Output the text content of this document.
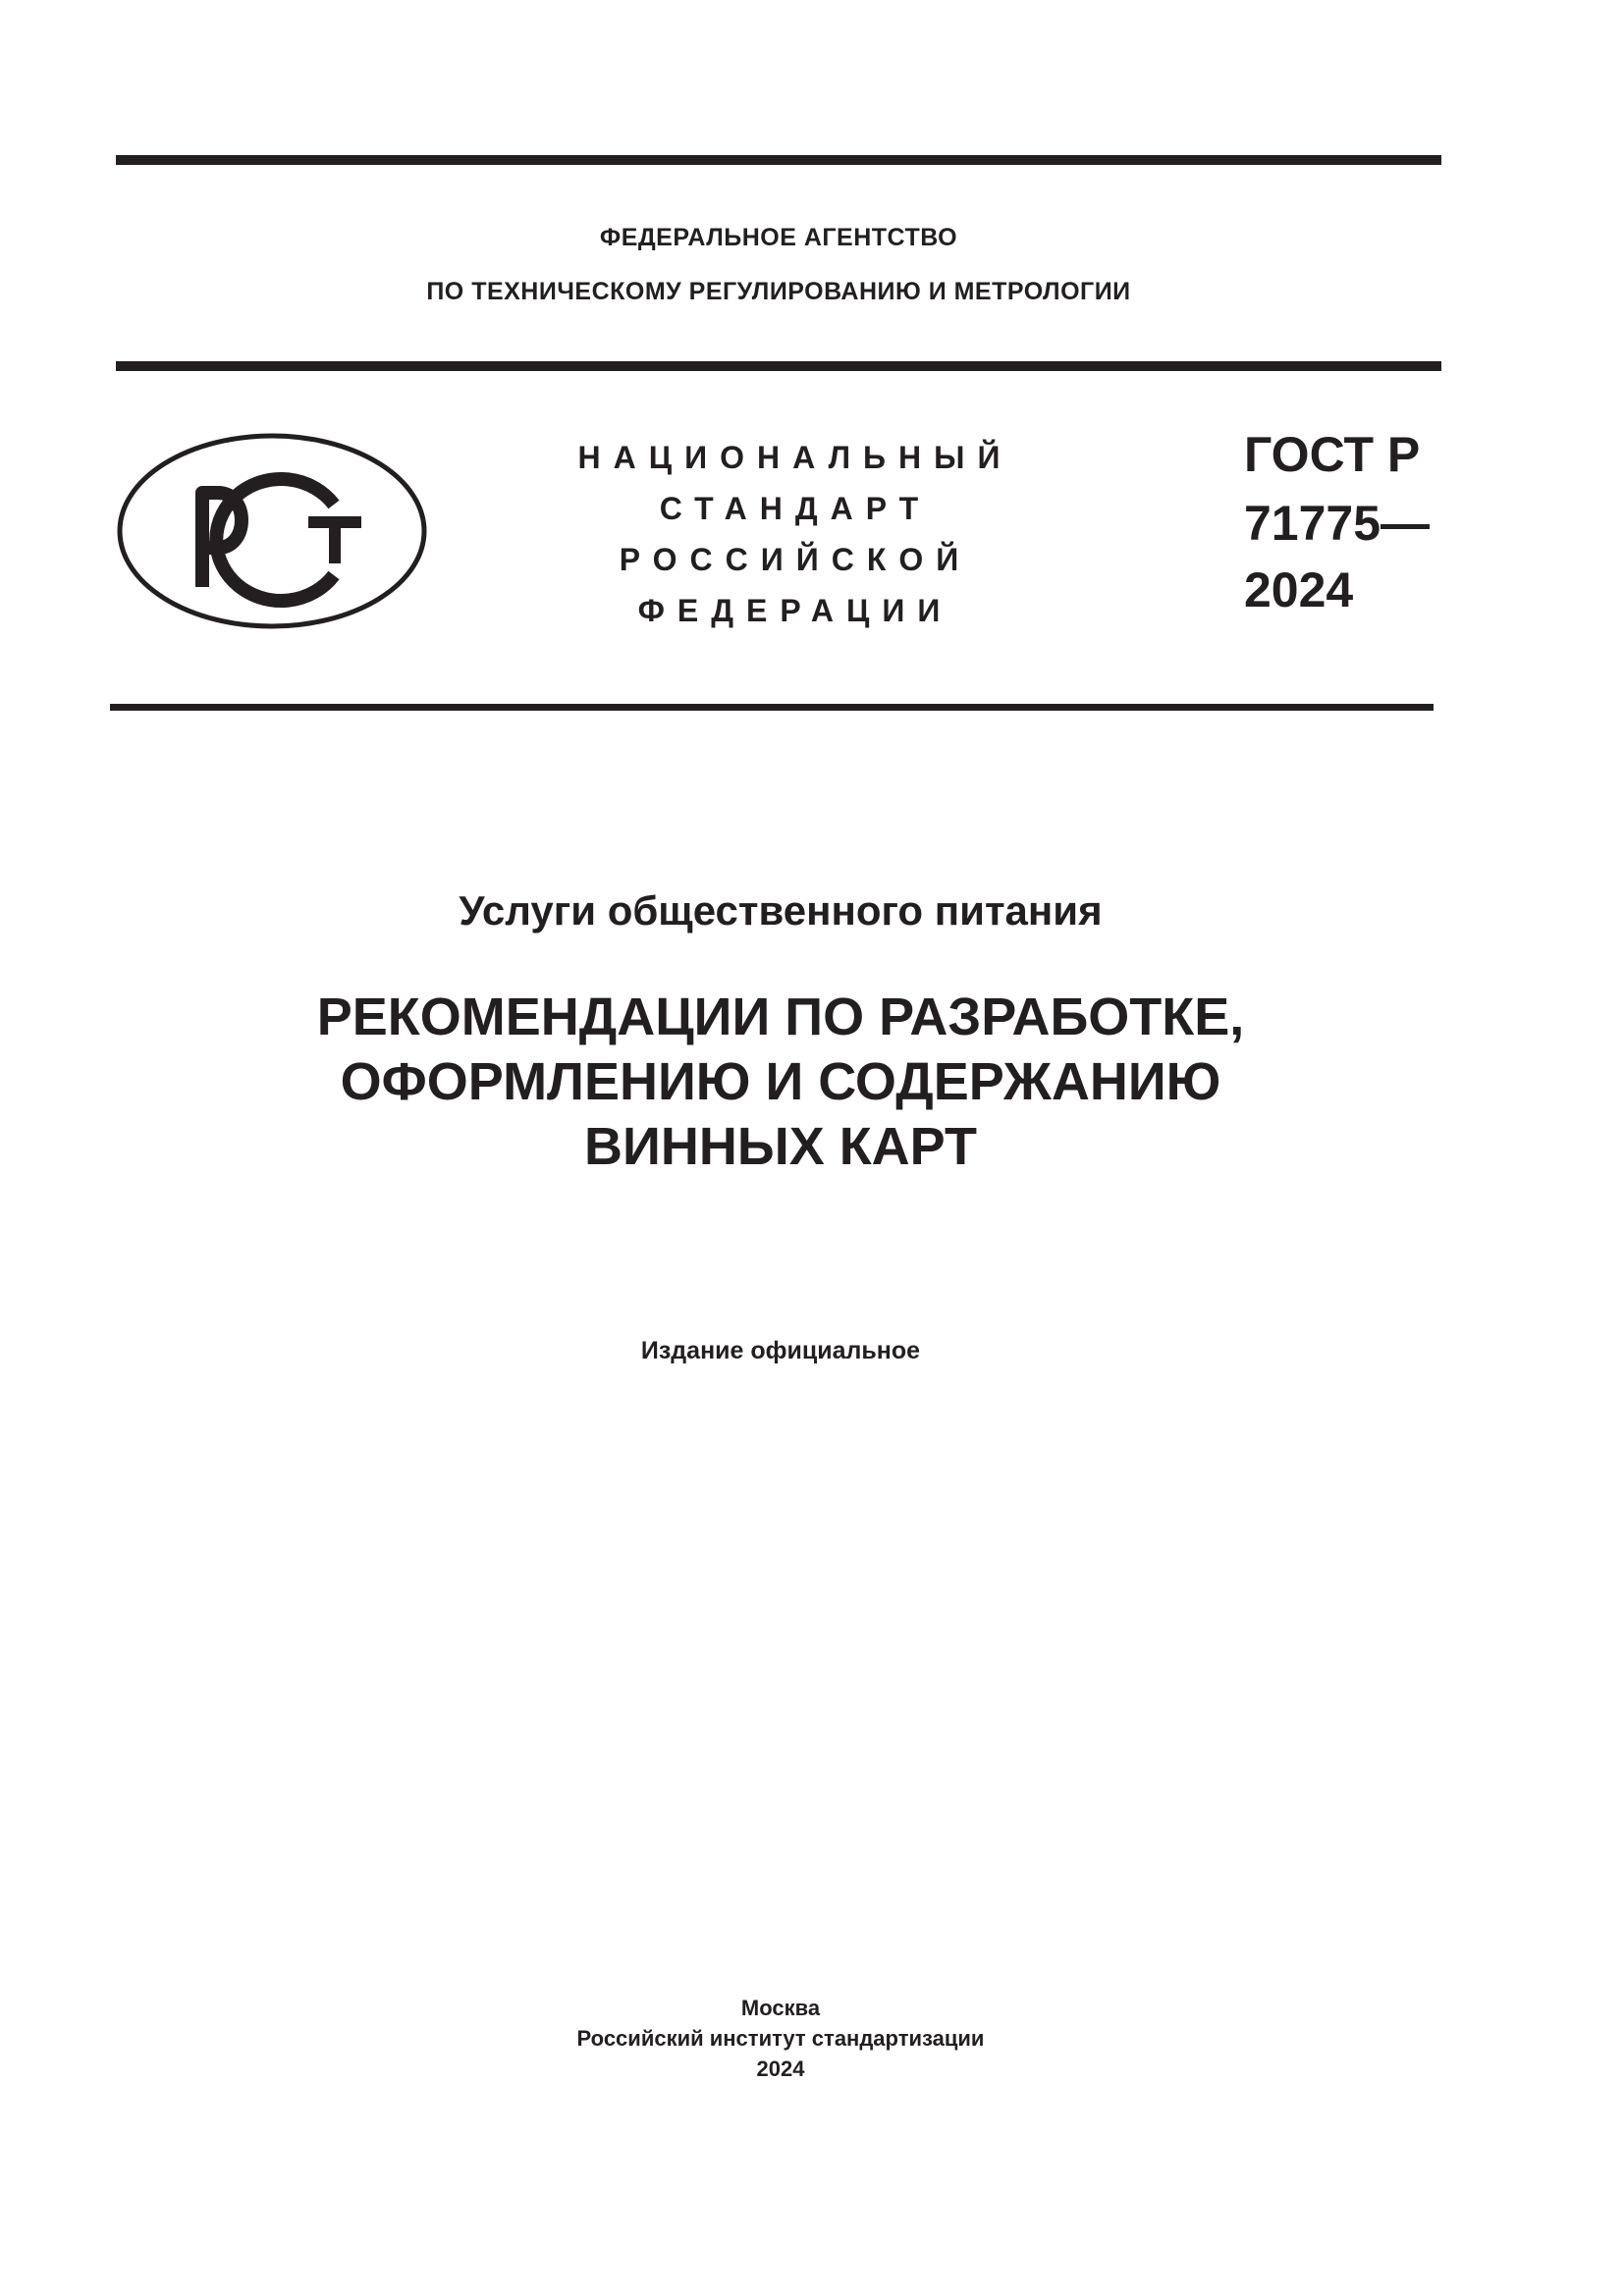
ФЕДЕРАЛЬНОЕ АГЕНТСТВО
ПО ТЕХНИЧЕСКОМУ РЕГУЛИРОВАНИЮ И МЕТРОЛОГИИ
НАЦИОНАЛЬНЫЙ
СТАНДАРТ
РОССИЙСКОЙ
ФЕДЕРАЦИИ
ГОСТ Р
71775—
2024
Услуги общественного питания
РЕКОМЕНДАЦИИ ПО РАЗРАБОТКЕ,
ОФОРМЛЕНИЮ И СОДЕРЖАНИЮ
ВИННЫХ КАРТ
Издание официальное
Москва
Российский институт стандартизации
2024
